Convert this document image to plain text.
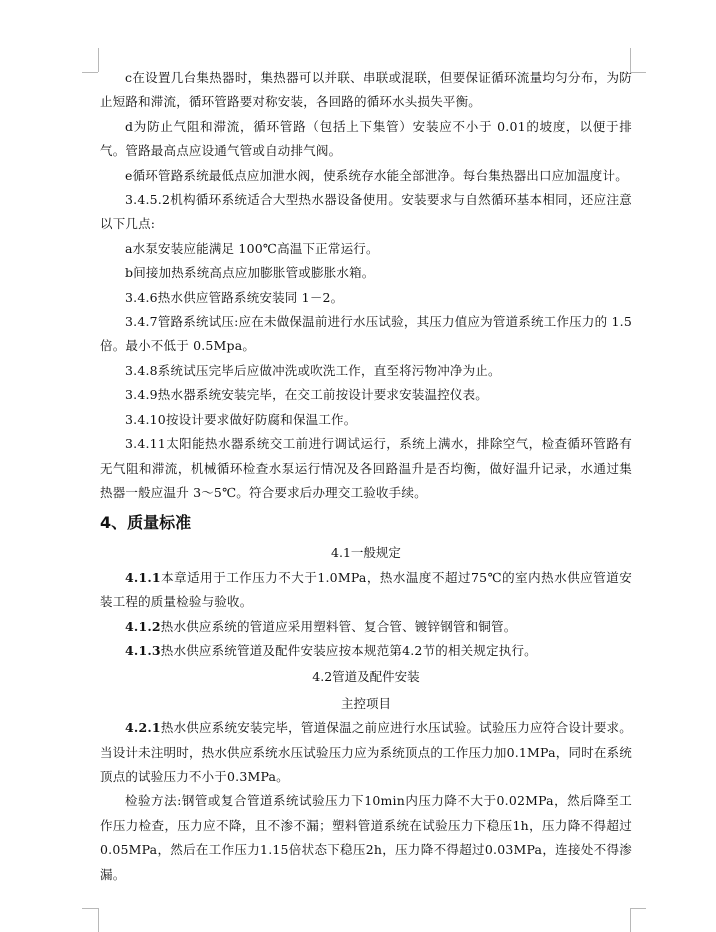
c在设置几台集热器时，集热器可以并联、串联或混联，但要保证循环流量均匀分布，为防止短路和滞流，循环管路要对称安装，各回路的循环水头损失平衡。

d为防止气阻和滞流，循环管路（包括上下集管）安装应不小于 0.01的坡度，以便于排气。管路最高点应设通气管或自动排气阀。

e循环管路系统最低点应加泄水阀，使系统存水能全部泄净。每台集热器出口应加温度计。

3.4.5.2机构循环系统适合大型热水器设备使用。安装要求与自然循环基本相同，还应注意以下几点:

a水泵安装应能满足 100℃高温下正常运行。

b间接加热系统高点应加膨胀管或膨胀水箱。

3.4.6热水供应管路系统安装同 1－2。

3.4.7管路系统试压:应在未做保温前进行水压试验，其压力值应为管道系统工作压力的 1.5倍。最小不低于 0.5Mpa。

3.4.8系统试压完毕后应做冲洗或吹洗工作，直至将污物冲净为止。

3.4.9热水器系统安装完毕，在交工前按设计要求安装温控仪表。

3.4.10按设计要求做好防腐和保温工作。

3.4.11太阳能热水器系统交工前进行调试运行，系统上满水，排除空气，检查循环管路有无气阻和滞流，机械循环检查水泵运行情况及各回路温升是否均衡，做好温升记录，水通过集热器一般应温升 3～5℃。符合要求后办理交工验收手续。

4、质量标准
4.1一般规定

4.1.1本章适用于工作压力不大于1.0MPa，热水温度不超过75℃的室内热水供应管道安装工程的质量检验与验收。

4.1.2热水供应系统的管道应采用塑料管、复合管、镀锌钢管和铜管。

4.1.3热水供应系统管道及配件安装应按本规范第4.2节的相关规定执行。

4.2管道及配件安装
主控项目

4.2.1热水供应系统安装完毕，管道保温之前应进行水压试验。试验压力应符合设计要求。当设计未注明时，热水供应系统水压试验压力应为系统顶点的工作压力加0.1MPa，同时在系统顶点的试验压力不小于0.3MPa。

检验方法:钢管或复合管道系统试验压力下10min内压力降不大于0.02MPa，然后降至工作压力检查，压力应不降，且不渗不漏；塑料管道系统在试验压力下稳压1h，压力降不得超过0.05MPa，然后在工作压力1.15倍状态下稳压2h，压力降不得超过0.03MPa，连接处不得渗漏。
